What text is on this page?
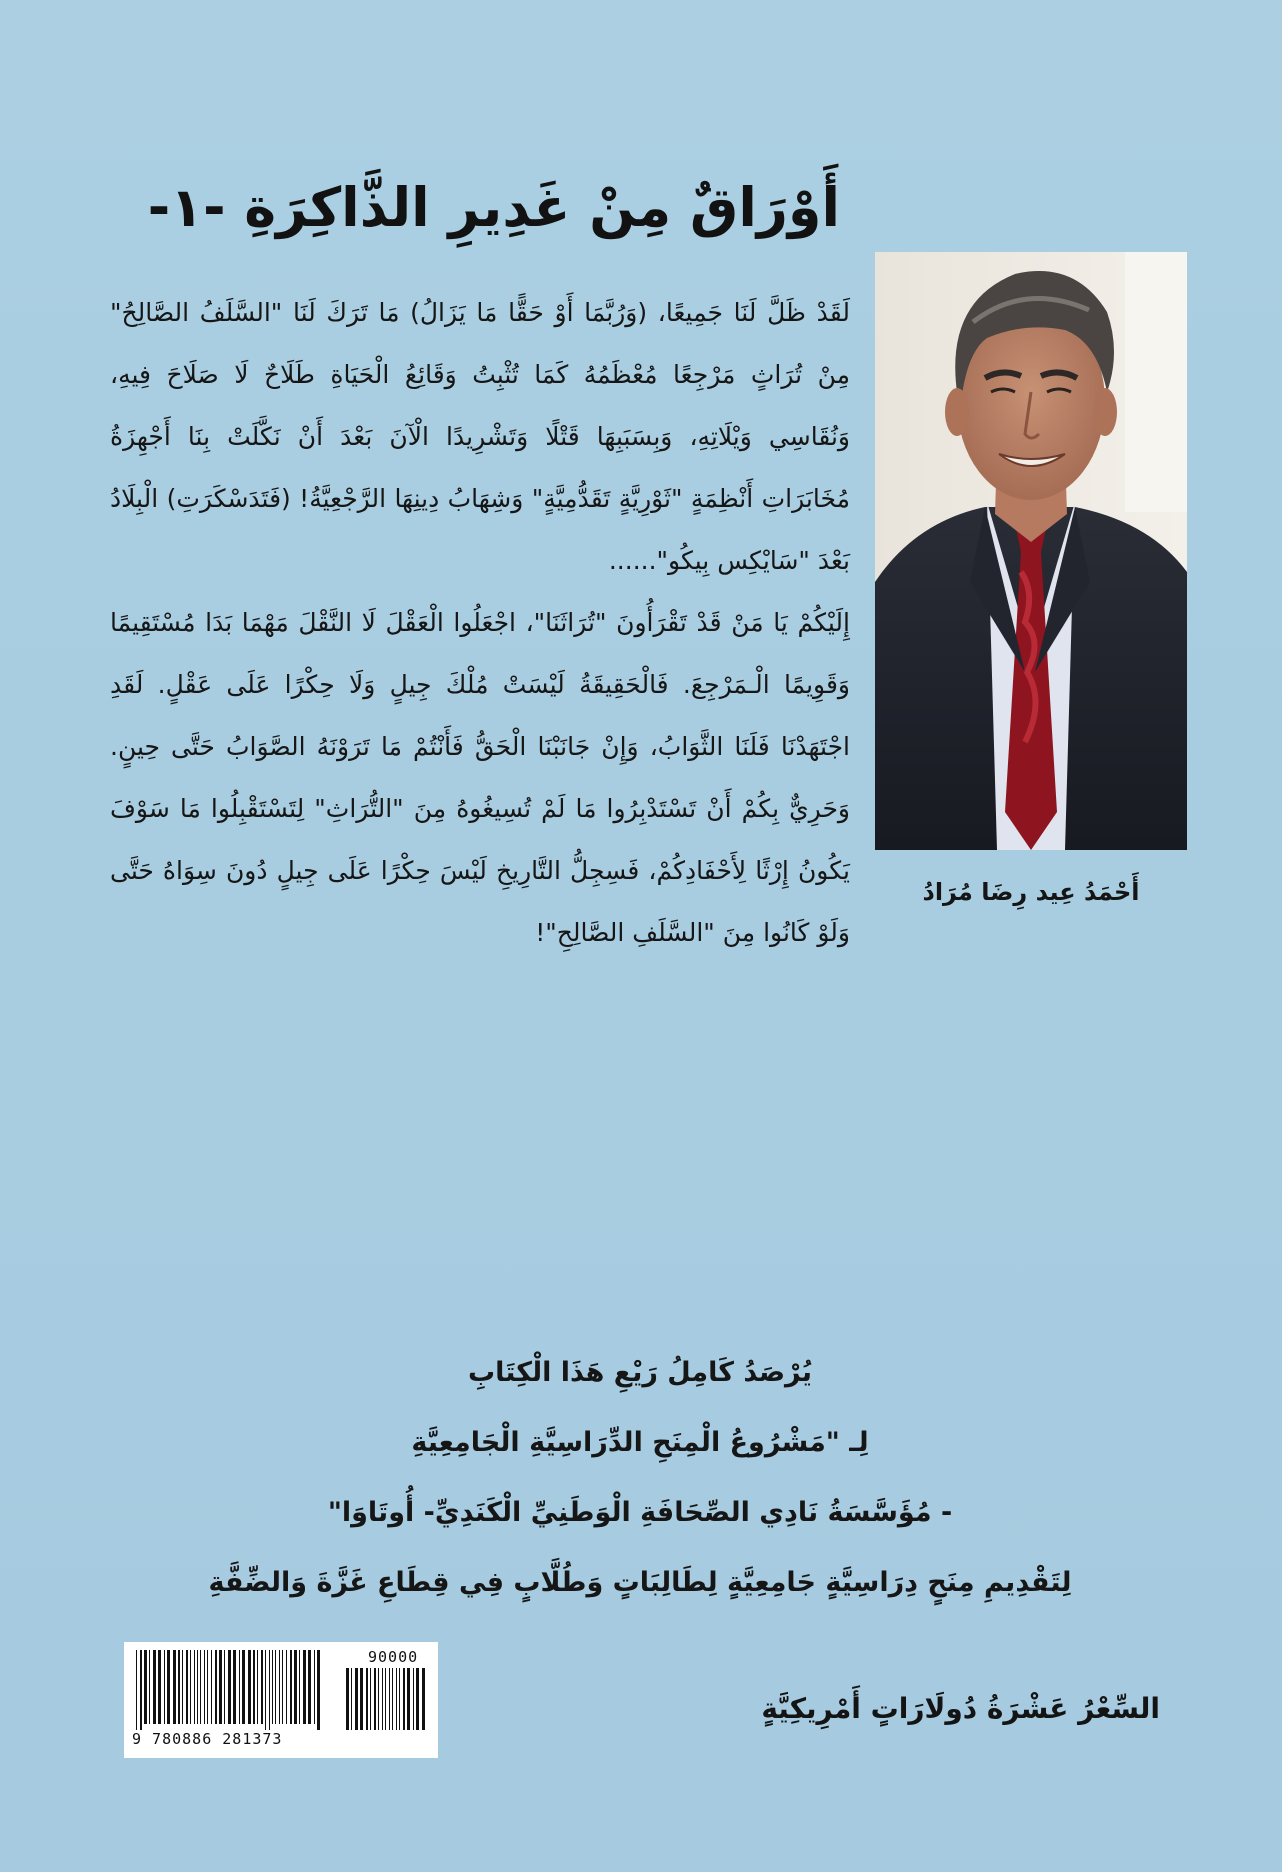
أَوْرَاقٌ مِنْ غَدِيرِ الذَّاكِرَةِ -١-

لَقَدْ ظَلَّ لَنَا جَمِيعًا، (وَرُبَّمَا أَوْ حَقًّا مَا يَزَالُ) مَا تَرَكَ لَنَا "السَّلَفُ الصَّالِحُ" مِنْ تُرَاثٍ مَرْجِعًا مُعْظَمُهُ كَمَا تُثْبِتُ وَقَائِعُ الْحَيَاةِ طَلَاحٌ لَا صَلَاحَ فِيهِ، وَنُقَاسِي وَيْلَاتِهِ، وَبِسَبَبِهَا قَتْلًا وَتَشْرِيدًا الْآنَ بَعْدَ أَنْ نَكَّلَتْ بِنَا أَجْهِزَةُ مُخَابَرَاتِ أَنْظِمَةٍ "ثَوْرِيَّةٍ تَقَدُّمِيَّةٍ" وَشِهَابُ دِينِهَا الرَّجْعِيَّةُ! (فَتَدَسْكَرَتِ) الْبِلَادُ بَعْدَ "سَايْكِس بِيكُو"......

إِلَيْكُمْ يَا مَنْ قَدْ تَقْرَأُونَ "تُرَاثَنَا"، اجْعَلُوا الْعَقْلَ لَا النَّقْلَ مَهْمَا بَدَا مُسْتَقِيمًا وَقَوِيمًا الْـمَرْجِعَ. فَالْحَقِيقَةُ لَيْسَتْ مُلْكَ جِيلٍ وَلَا حِكْرًا عَلَى عَقْلٍ. لَقَدِ اجْتَهَدْنَا فَلَنَا الثَّوَابُ، وَإِنْ جَانَبْنَا الْحَقُّ فَأَنْتُمْ مَا تَرَوْنَهُ الصَّوَابُ حَتَّى حِينٍ. وَحَرِيٌّ بِكُمْ أَنْ تَسْتَدْبِرُوا مَا لَمْ تُسِيغُوهُ مِنَ "التُّرَاثِ" لِتَسْتَقْبِلُوا مَا سَوْفَ يَكُونُ إِرْثًا لِأَحْفَادِكُمْ، فَسِجِلُّ التَّارِيخِ لَيْسَ حِكْرًا عَلَى جِيلٍ دُونَ سِوَاهُ حَتَّى وَلَوْ كَانُوا مِنَ "السَّلَفِ الصَّالِحِ"!

أَحْمَدُ عِيد رِضَا مُرَادُ
يُرْصَدُ كَامِلُ رَيْعِ هَذَا الْكِتَابِ
لِـ "مَشْرُوعُ الْمِنَحِ الدِّرَاسِيَّةِ الْجَامِعِيَّةِ
- مُؤَسَّسَةُ نَادِي الصِّحَافَةِ الْوَطَنِيِّ الْكَنَدِيِّ- أُوتَاوَا"
لِتَقْدِيمِ مِنَحٍ دِرَاسِيَّةٍ جَامِعِيَّةٍ لِطَالِبَاتٍ وَطُلَّابٍ فِي قِطَاعِ غَزَّةَ وَالضِّفَّةِ
9 780886 281373
90000
السِّعْرُ عَشْرَةُ دُولَارَاتٍ أَمْرِيكِيَّةٍ
